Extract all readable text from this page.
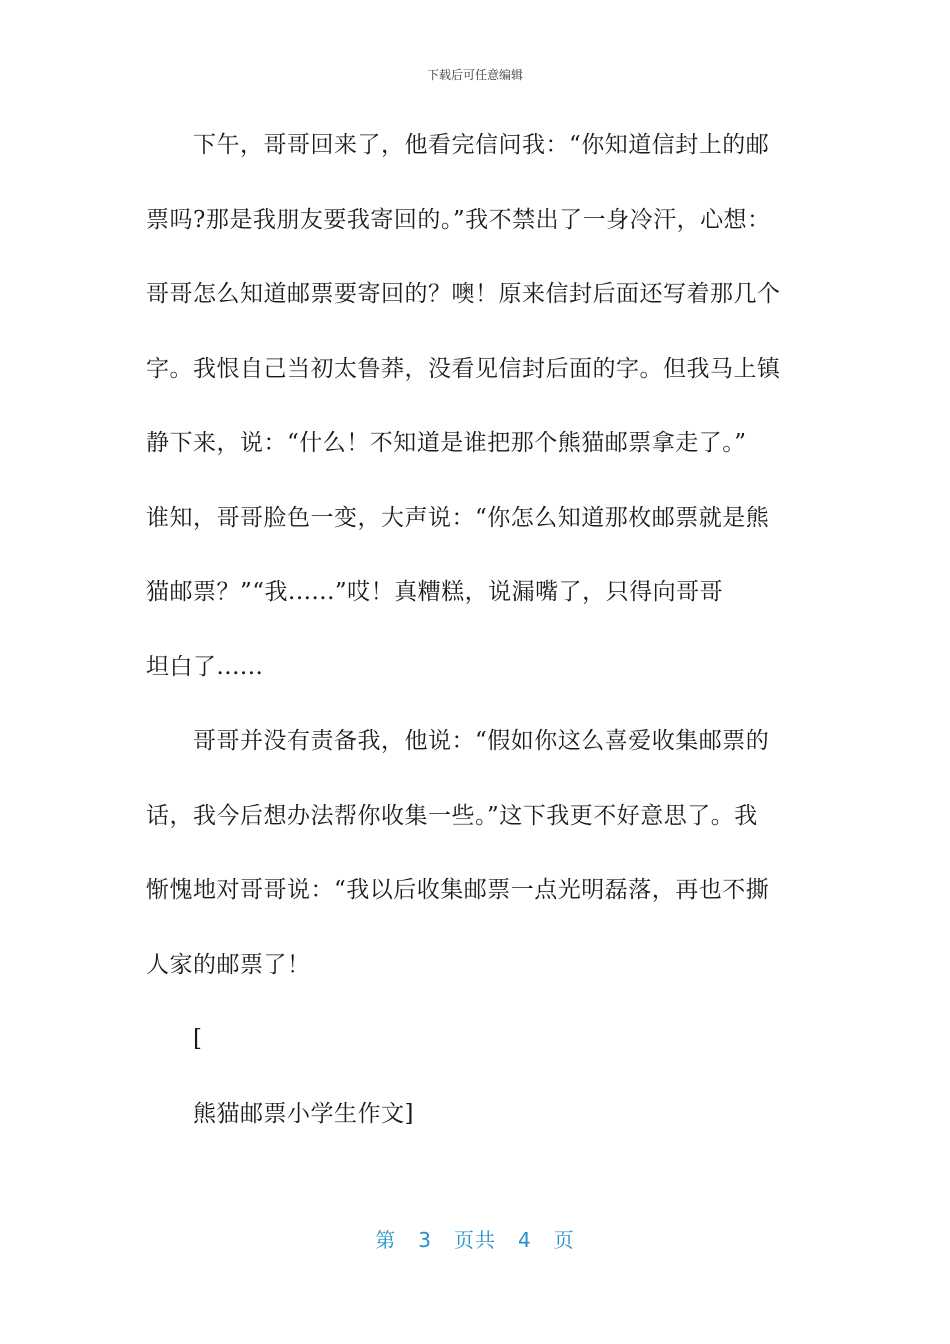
下载后可任意编辑
下午，哥哥回来了，他看完信问我：“你知道信封上的邮
票吗?那是我朋友要我寄回的。”我不禁出了一身冷汗，心想：
哥哥怎么知道邮票要寄回的？噢！原来信封后面还写着那几个
字。我恨自己当初太鲁莽，没看见信封后面的字。但我马上镇
静下来，说：“什么！不知道是谁把那个熊猫邮票拿走了。”
谁知，哥哥脸色一变，大声说：“你怎么知道那枚邮票就是熊
猫邮票？”“我......”哎！真糟糕，说漏嘴了，只得向哥哥
坦白了......
哥哥并没有责备我，他说：“假如你这么喜爱收集邮票的
话，我今后想办法帮你收集一些。”这下我更不好意思了。我
惭愧地对哥哥说：“我以后收集邮票一点光明磊落，再也不撕
人家的邮票了！
[
熊猫邮票小学生作文]
第 3 页共 4 页
